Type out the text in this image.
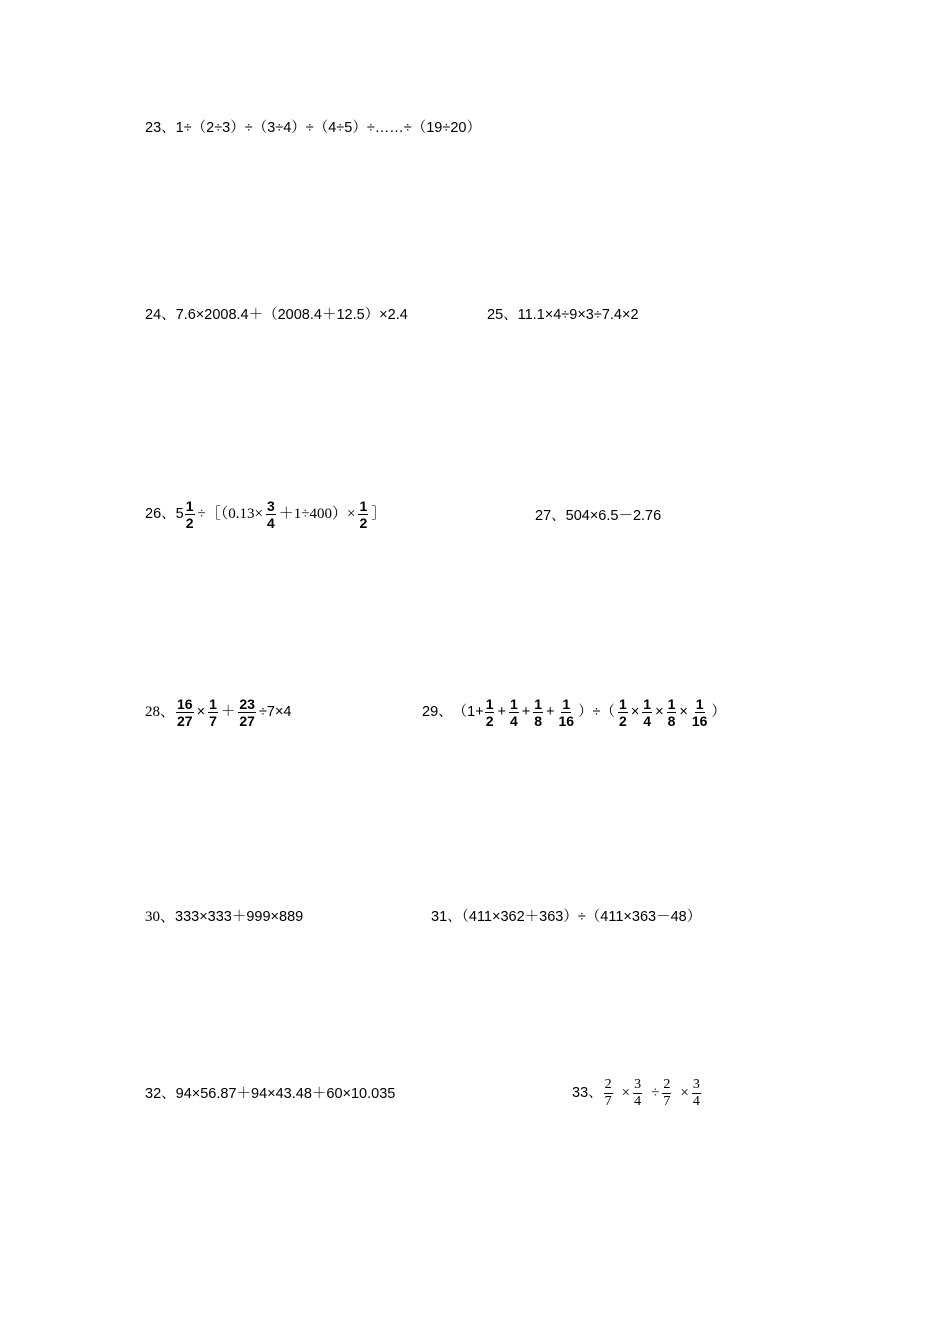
23、1÷（2÷3）÷（3÷4）÷（4÷5）÷……÷（19÷20）
24、7.6×2008.4＋（2008.4＋12.5）×2.4	25、11.1×4÷9×3÷7.4×2
26、 $5 \frac{1}{2}$ ÷［（0.13× $\frac{3}{4} +1\div 400)\times \frac{1}{2}$ ］	27、504×6.5－2.76
28、 $\frac{16}{27} \times \frac{1}{7} + \frac{23}{27} \div 7\times 4$	29、 （$1+ \frac{1}{2} + \frac{1}{4} + \frac{1}{8} + \frac{1}{16}$ ）÷（ $\frac{1}{2} \times \frac{1}{4} \times \frac{1}{8} \times \frac{1}{16}$ ）
30、333×333＋999×889	31、（411×362＋363）÷（411×363－48）
32、94×56.87＋94×43.48＋60×10.035	33、 $\frac{2}{7} \times \frac{3}{4} \div \frac{2}{7} \times \frac{3}{4}$
